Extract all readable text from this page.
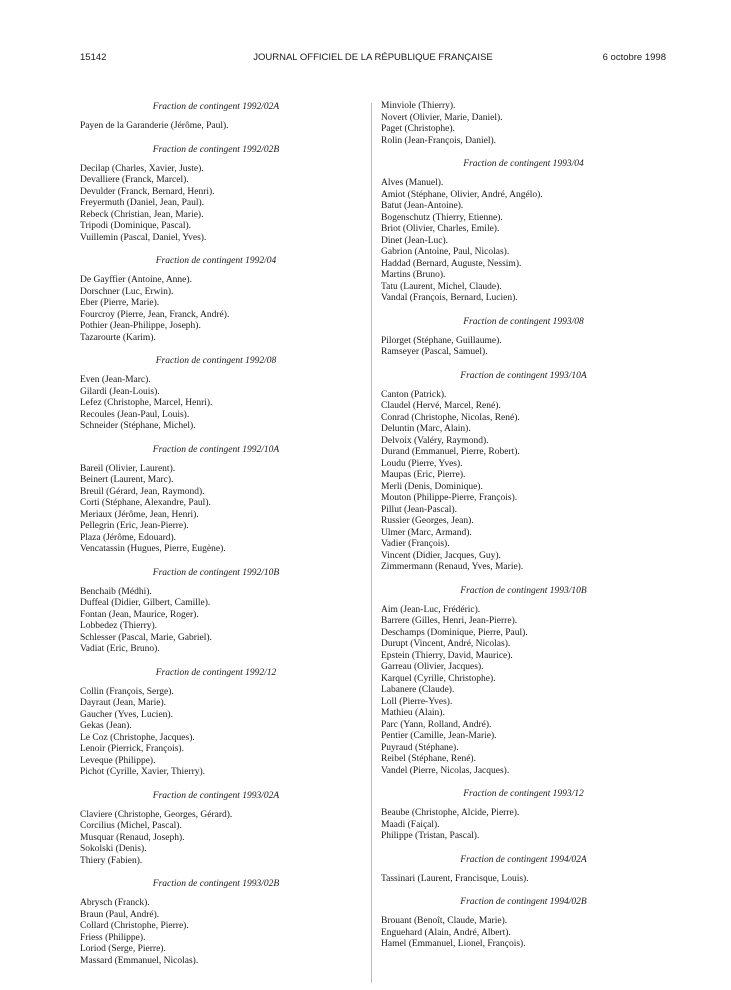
15142	JOURNAL OFFICIEL DE LA RÉPUBLIQUE FRANÇAISE	6 octobre 1998
Fraction de contingent 1992/02A
Payen de la Garanderie (Jérôme, Paul).
Fraction de contingent 1992/02B
Decilap (Charles, Xavier, Juste).
Devalliere (Franck, Marcel).
Devulder (Franck, Bernard, Henri).
Freyermuth (Daniel, Jean, Paul).
Rebeck (Christian, Jean, Marie).
Tripodi (Dominique, Pascal).
Vuillemin (Pascal, Daniel, Yves).
Fraction de contingent 1992/04
De Gayffier (Antoine, Anne).
Dorschner (Luc, Erwin).
Eber (Pierre, Marie).
Fourcroy (Pierre, Jean, Franck, André).
Pothier (Jean-Philippe, Joseph).
Tazarourte (Karim).
Fraction de contingent 1992/08
Even (Jean-Marc).
Gilardi (Jean-Louis).
Lefez (Christophe, Marcel, Henri).
Recoules (Jean-Paul, Louis).
Schneider (Stéphane, Michel).
Fraction de contingent 1992/10A
Bareil (Olivier, Laurent).
Beinert (Laurent, Marc).
Breuil (Gérard, Jean, Raymond).
Corti (Stéphane, Alexandre, Paul).
Meriaux (Jérôme, Jean, Henri).
Pellegrin (Eric, Jean-Pierre).
Plaza (Jérôme, Edouard).
Vencatassin (Hugues, Pierre, Eugène).
Fraction de contingent 1992/10B
Benchaib (Médhi).
Duffeal (Didier, Gilbert, Camille).
Fontan (Jean, Maurice, Roger).
Lobbedez (Thierry).
Schlesser (Pascal, Marie, Gabriel).
Vadiat (Eric, Bruno).
Fraction de contingent 1992/12
Collin (François, Serge).
Dayraut (Jean, Marie).
Gaucher (Yves, Lucien).
Gekas (Jean).
Le Coz (Christophe, Jacques).
Lenoir (Pierrick, François).
Leveque (Philippe).
Pichot (Cyrille, Xavier, Thierry).
Fraction de contingent 1993/02A
Claviere (Christophe, Georges, Gérard).
Corcilius (Michel, Pascal).
Musquar (Renaud, Joseph).
Sokolski (Denis).
Thiery (Fabien).
Fraction de contingent 1993/02B
Abrysch (Franck).
Braun (Paul, André).
Collard (Christophe, Pierre).
Friess (Philippe).
Loriod (Serge, Pierre).
Massard (Emmanuel, Nicolas).
Minviole (Thierry).
Novert (Olivier, Marie, Daniel).
Paget (Christophe).
Rolin (Jean-François, Daniel).
Fraction de contingent 1993/04
Alves (Manuel).
Amiot (Stéphane, Olivier, André, Angélo).
Batut (Jean-Antoine).
Bogenschutz (Thierry, Etienne).
Briot (Olivier, Charles, Emile).
Dinet (Jean-Luc).
Gabrion (Antoine, Paul, Nicolas).
Haddad (Bernard, Auguste, Nessim).
Martins (Bruno).
Tatu (Laurent, Michel, Claude).
Vandal (François, Bernard, Lucien).
Fraction de contingent 1993/08
Pilorget (Stéphane, Guillaume).
Ramseyer (Pascal, Samuel).
Fraction de contingent 1993/10A
Canton (Patrick).
Claudel (Hervé, Marcel, René).
Conrad (Christophe, Nicolas, René).
Deluntin (Marc, Alain).
Delvoix (Valéry, Raymond).
Durand (Emmanuel, Pierre, Robert).
Loudu (Pierre, Yves).
Maupas (Eric, Pierre).
Merli (Denis, Dominique).
Mouton (Philippe-Pierre, François).
Pillut (Jean-Pascal).
Russier (Georges, Jean).
Ulmer (Marc, Armand).
Vadier (François).
Vincent (Didier, Jacques, Guy).
Zimmermann (Renaud, Yves, Marie).
Fraction de contingent 1993/10B
Aim (Jean-Luc, Frédéric).
Barrere (Gilles, Henri, Jean-Pierre).
Deschamps (Dominique, Pierre, Paul).
Durupt (Vincent, André, Nicolas).
Epstein (Thierry, David, Maurice).
Garreau (Olivier, Jacques).
Karquel (Cyrille, Christophe).
Labanere (Claude).
Loll (Pierre-Yves).
Mathieu (Alain).
Parc (Yann, Rolland, André).
Pentier (Camille, Jean-Marie).
Puyraud (Stéphane).
Reibel (Stéphane, René).
Vandel (Pierre, Nicolas, Jacques).
Fraction de contingent 1993/12
Beaube (Christophe, Alcide, Pierre).
Maadi (Faiçal).
Philippe (Tristan, Pascal).
Fraction de contingent 1994/02A
Tassinari (Laurent, Francisque, Louis).
Fraction de contingent 1994/02B
Brouant (Benoît, Claude, Marie).
Enguehard (Alain, André, Albert).
Hamel (Emmanuel, Lionel, François).
